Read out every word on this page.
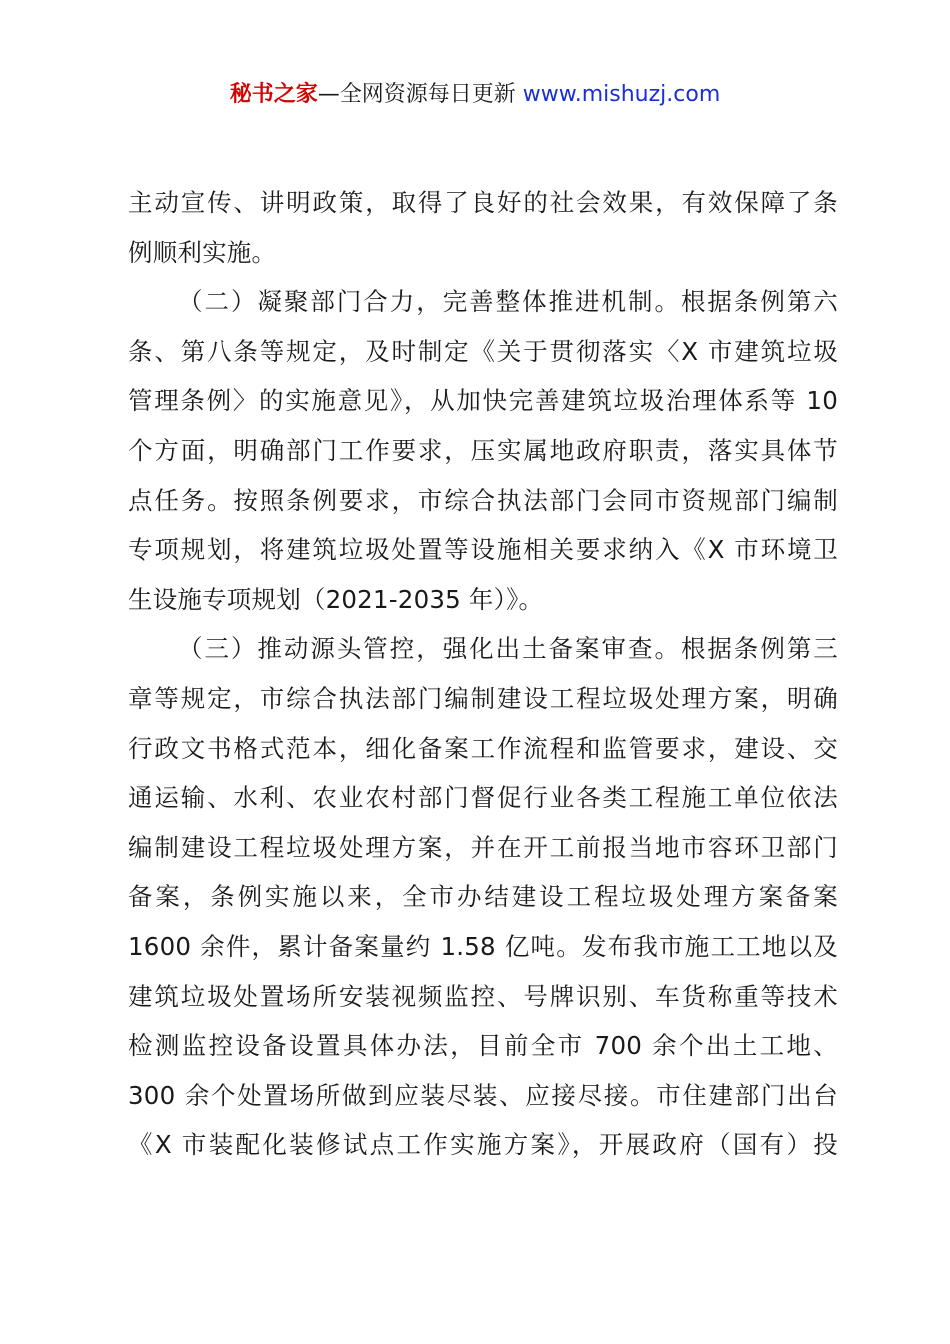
秘书之家—全网资源每日更新 www.mishuzj.com
主动宣传、讲明政策，取得了良好的社会效果，有效保障了条
例顺利实施。
（二）凝聚部门合力，完善整体推进机制。根据条例第六
条、第八条等规定，及时制定《关于贯彻落实〈X 市建筑垃圾
管理条例〉的实施意见》，从加快完善建筑垃圾治理体系等 10
个方面，明确部门工作要求，压实属地政府职责，落实具体节
点任务。按照条例要求，市综合执法部门会同市资规部门编制
专项规划，将建筑垃圾处置等设施相关要求纳入《X 市环境卫
生设施专项规划（2021-2035 年）》。
（三）推动源头管控，强化出土备案审查。根据条例第三
章等规定，市综合执法部门编制建设工程垃圾处理方案，明确
行政文书格式范本，细化备案工作流程和监管要求，建设、交
通运输、水利、农业农村部门督促行业各类工程施工单位依法
编制建设工程垃圾处理方案，并在开工前报当地市容环卫部门
备案，条例实施以来，全市办结建设工程垃圾处理方案备案
1600 余件，累计备案量约 1.58 亿吨。发布我市施工工地以及
建筑垃圾处置场所安装视频监控、号牌识别、车货称重等技术
检测监控设备设置具体办法，目前全市 700 余个出土工地、
300 余个处置场所做到应装尽装、应接尽接。市住建部门出台
《X 市装配化装修试点工作实施方案》，开展政府（国有）投
